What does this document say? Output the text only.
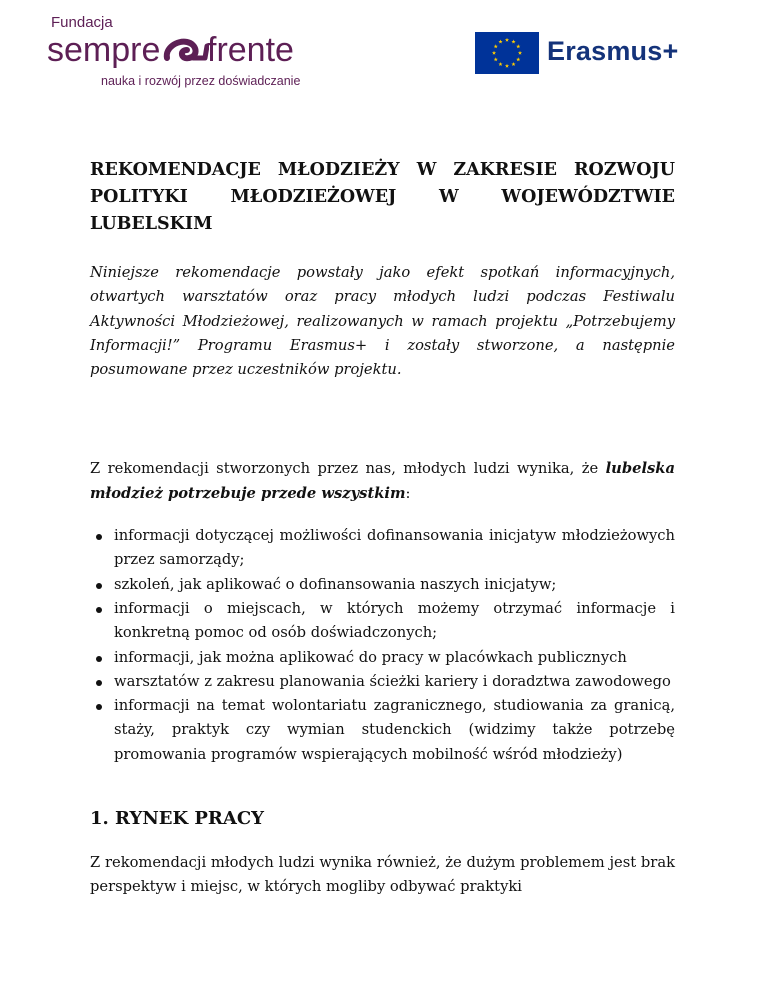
Fundacja
sempre frente
nauka i rozwój przez doświadczanie
Erasmus+
REKOMENDACJE MŁODZIEŻY W ZAKRESIE ROZWOJU
POLITYKI MŁODZIEŻOWEJ W WOJEWÓDZTWIE LUBELSKIM

Niniejsze rekomendacje powstały jako efekt spotkań informacyjnych, otwartych warsztatów oraz pracy młodych ludzi podczas Festiwalu Aktywności Młodzieżowej, realizowanych w ramach projektu „Potrzebujemy Informacji!” Programu Erasmus+ i zostały stworzone, a następnie posumowane przez uczestników projektu.

Z rekomendacji stworzonych przez nas, młodych ludzi wynika, że lubelska młodzież potrzebuje przede wszystkim:

informacji dotyczącej możliwości dofinansowania inicjatyw młodzieżowych przez samorządy;
szkoleń, jak aplikować o dofinansowania naszych inicjatyw;
informacji o miejscach, w których możemy otrzymać informacje i konkretną pomoc od osób doświadczonych;
informacji, jak można aplikować do pracy w placówkach publicznych
warsztatów z zakresu planowania ścieżki kariery i doradztwa zawodowego
informacji na temat wolontariatu zagranicznego, studiowania za granicą, staży, praktyk czy wymian studenckich (widzimy także potrzebę promowania programów wspierających mobilność wśród młodzieży)
1. RYNEK PRACY

Z rekomendacji młodych ludzi wynika również, że dużym problemem jest brak perspektyw i miejsc, w których mogliby odbywać praktyki
